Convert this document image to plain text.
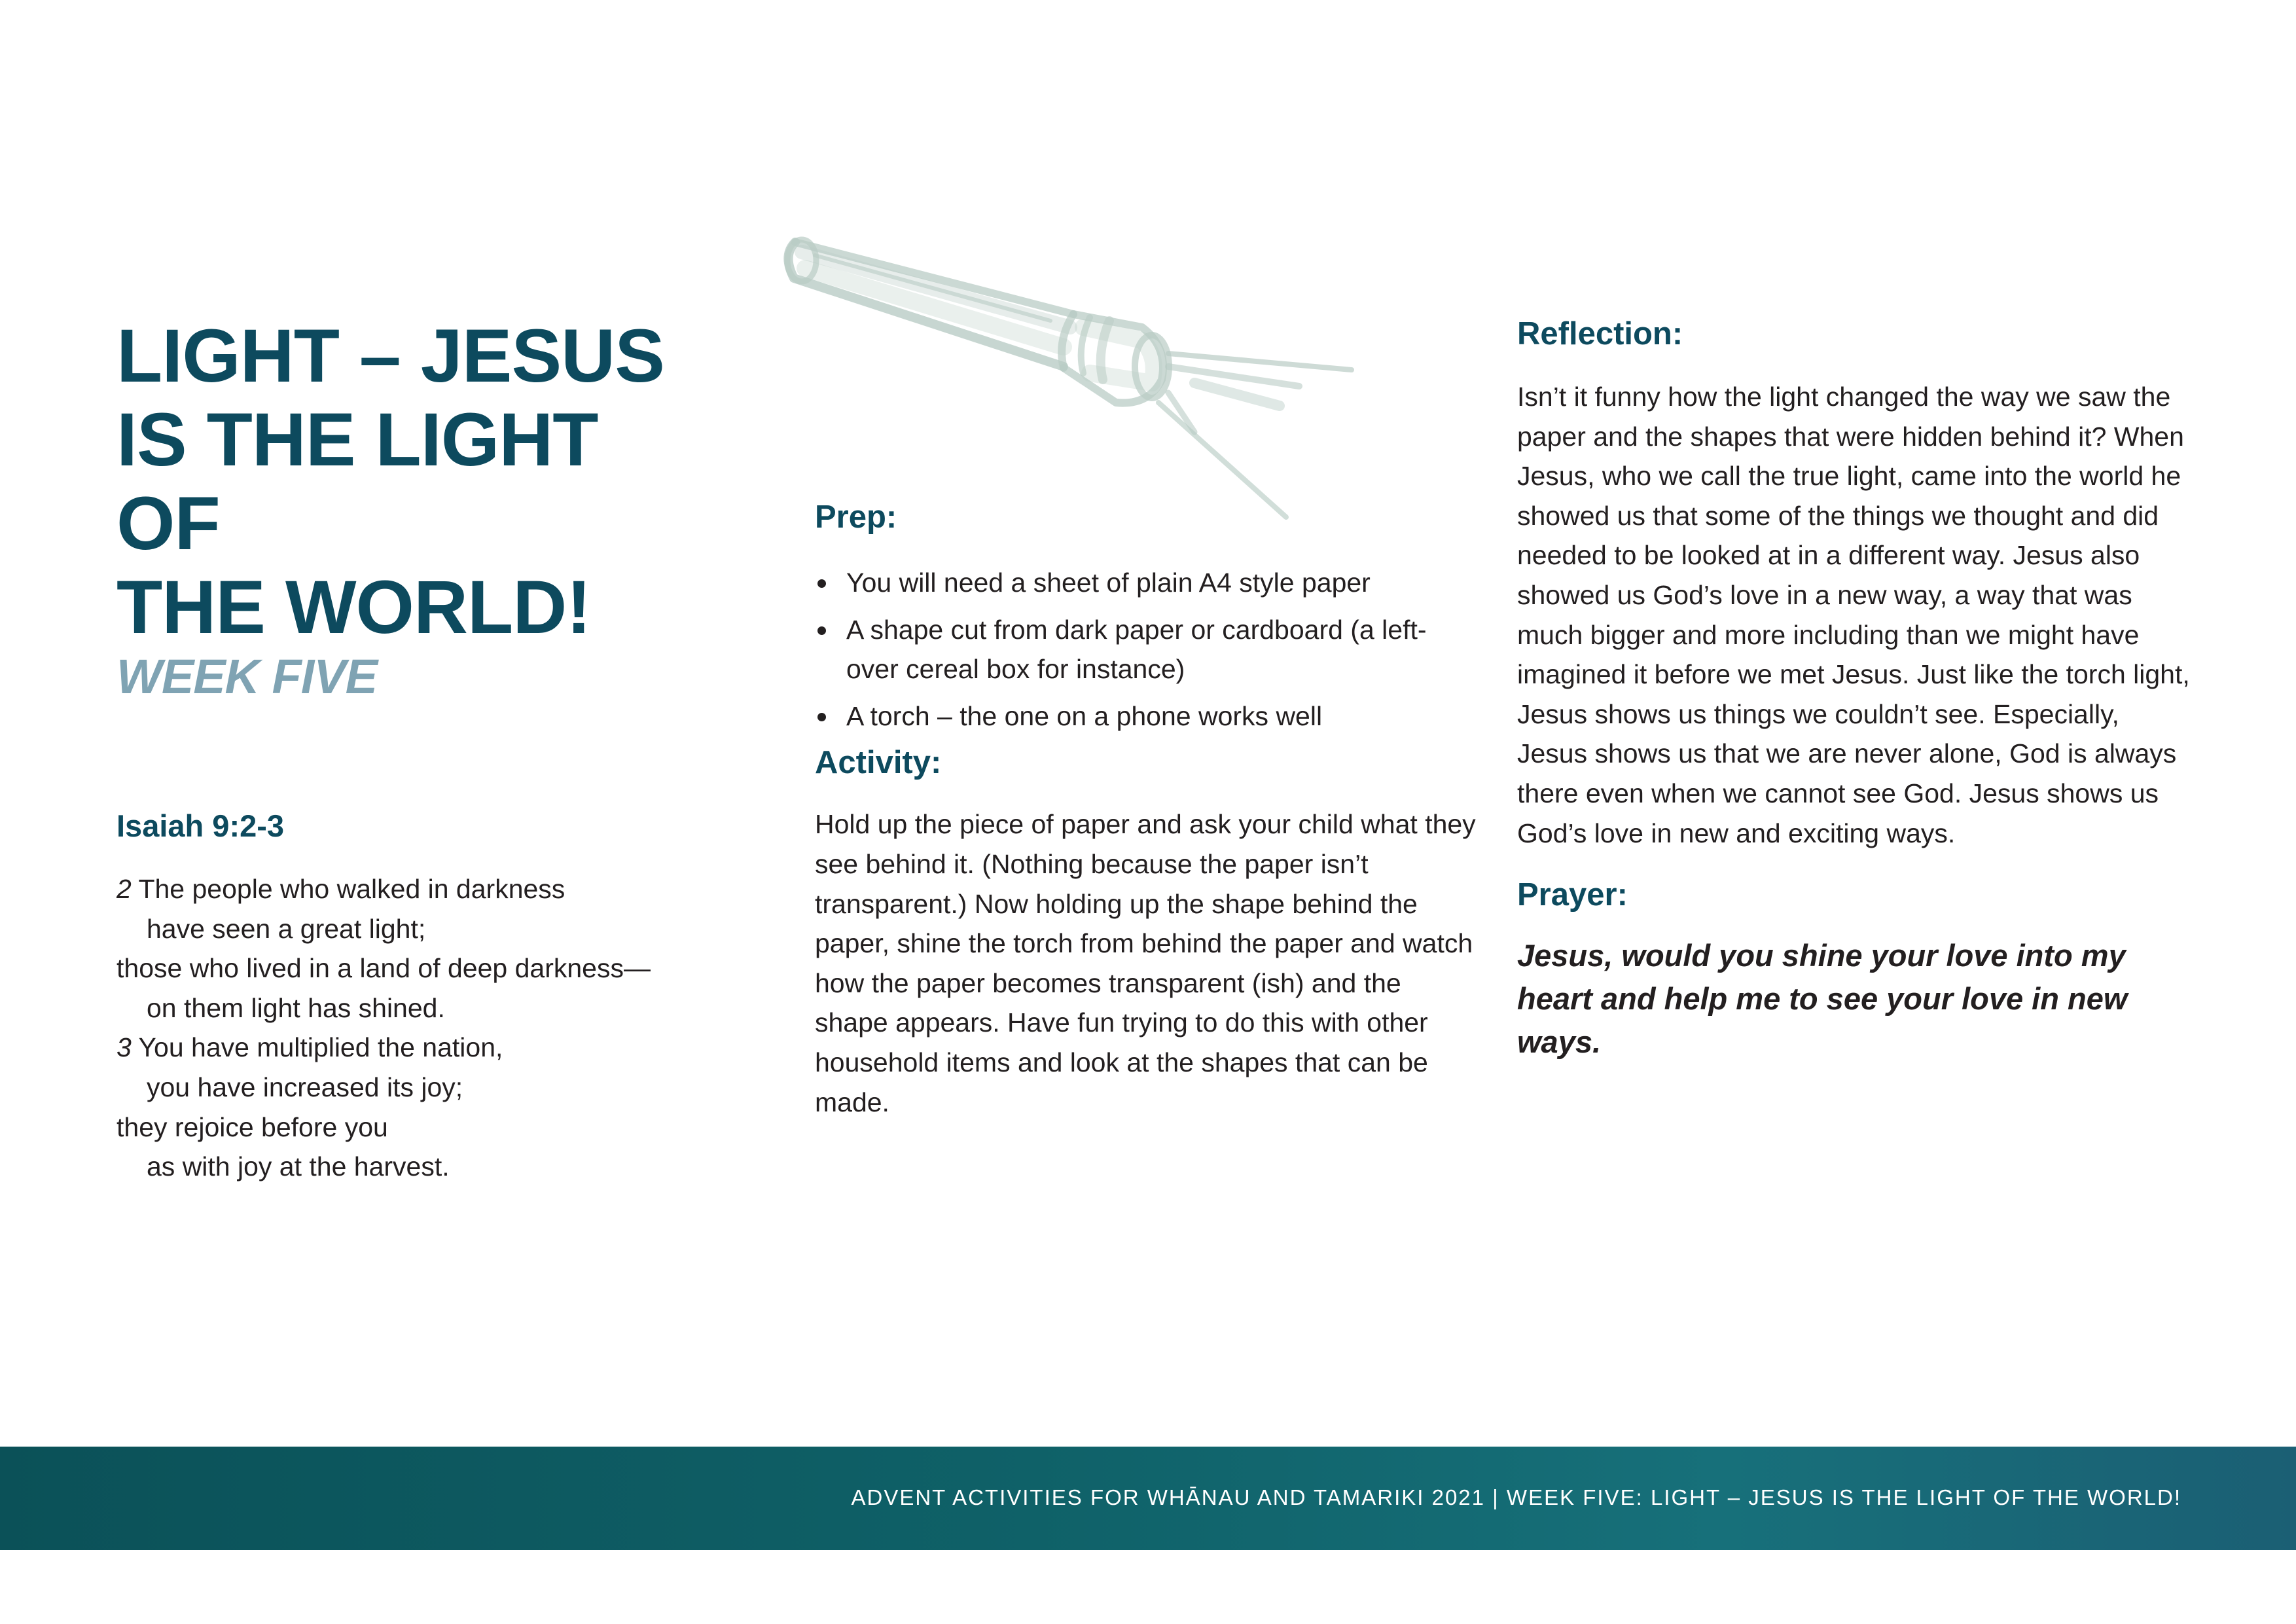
LIGHT – JESUS
IS THE LIGHT OF
THE WORLD!
WEEK FIVE
Isaiah 9:2-3
2 The people who walked in darkness
have seen a great light;
those who lived in a land of deep darkness—
on them light has shined.
3 You have multiplied the nation,
you have increased its joy;
they rejoice before you
as with joy at the harvest.
Prep:
You will need a sheet of plain A4 style paper
A shape cut from dark paper or cardboard (a left-over cereal box for instance)
A torch – the one on a phone works well
Activity:

Hold up the piece of paper and ask your child what they see behind it. (Nothing because the paper isn’t transparent.) Now holding up the shape behind the paper, shine the torch from behind the paper and watch how the paper becomes transparent (ish) and the shape appears. Have fun trying to do this with other household items and look at the shapes that can be made.

Reflection:

Isn’t it funny how the light changed the way we saw the paper and the shapes that were hidden behind it? When Jesus, who we call the true light, came into the world he showed us that some of the things we thought and did needed to be looked at in a different way. Jesus also showed us God’s love in a new way, a way that was much bigger and more including than we might have imagined it before we met Jesus. Just like the torch light, Jesus shows us things we couldn’t see. Especially, Jesus shows us that we are never alone, God is always there even when we cannot see God. Jesus shows us God’s love in new and exciting ways.

Prayer:

Jesus, would you shine your love into my heart and help me to see your love in new ways.

ADVENT ACTIVITIES FOR WHĀNAU AND TAMARIKI 2021 | WEEK FIVE: LIGHT – JESUS IS THE LIGHT OF THE WORLD!
